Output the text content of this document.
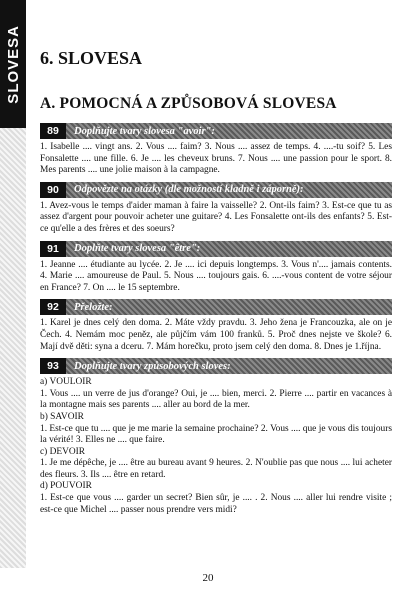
SLOVESA 6. SLOVESA
A. POMOCNÁ A ZPŮSOBOVÁ SLOVESA
89	Doplňujte tvary slovesa "avoir":

1. Isabelle .... vingt ans. 2. Vous .... faim? 3. Nous .... assez de temps. 4. ....-tu soif? 5. Les Fonsalette .... une fille. 6. Je .... les cheveux bruns. 7. Nous .... une passion pour le sport. 8. Mes parents .... une jolie maison à la campagne.

90	Odpovězte na otázky (dle možností kladně i záporně):

1. Avez-vous le temps d'aider maman à faire la vaisselle? 2. Ont-ils faim? 3. Est-ce que tu as assez d'argent pour pouvoir acheter une guitare? 4. Les Fonsalette ont-ils des enfants? 5. Est-ce qu'elle a des frères et des soeurs?

91	Doplňte tvary slovesa "être":

1. Jeanne .... étudiante au lycée. 2. Je .... ici depuis longtemps. 3. Vous n'.... jamais contents. 4. Marie .... amoureuse de Paul. 5. Nous .... toujours gais. 6. ....-vous content de votre séjour en France? 7. On .... le 15 septembre.

92	Přeložte:

1. Karel je dnes celý den doma. 2. Máte vždy pravdu. 3. Jeho žena je Francouzka, ale on je Čech. 4. Nemám moc peněz, ale půjčím vám 100 franků. 5. Proč dnes nejste ve škole? 6. Mají dvě děti: syna a dceru. 7. Mám horečku, proto jsem celý den doma. 8. Dnes je 1.října.

93	Doplňujte tvary způsobových sloves:

a) VOULOIR

1. Vous .... un verre de jus d'orange? Oui, je .... bien, merci. 2. Pierre .... partir en vacances à la montagne mais ses parents .... aller au bord de la mer.

b) SAVOIR

1. Est-ce que tu .... que je me marie la semaine prochaine? 2. Vous .... que je vous dis toujours la vérité! 3. Elles ne .... que faire.

c) DEVOIR

1. Je me dépêche, je .... être au bureau avant 9 heures. 2. N'oublie pas que nous .... lui acheter des fleurs. 3. Ils .... être en retard.

d) POUVOIR

1. Est-ce que vous .... garder un secret? Bien sûr, je .... . 2. Nous .... aller lui rendre visite ; est-ce que Michel .... passer nous prendre vers midi?

20
